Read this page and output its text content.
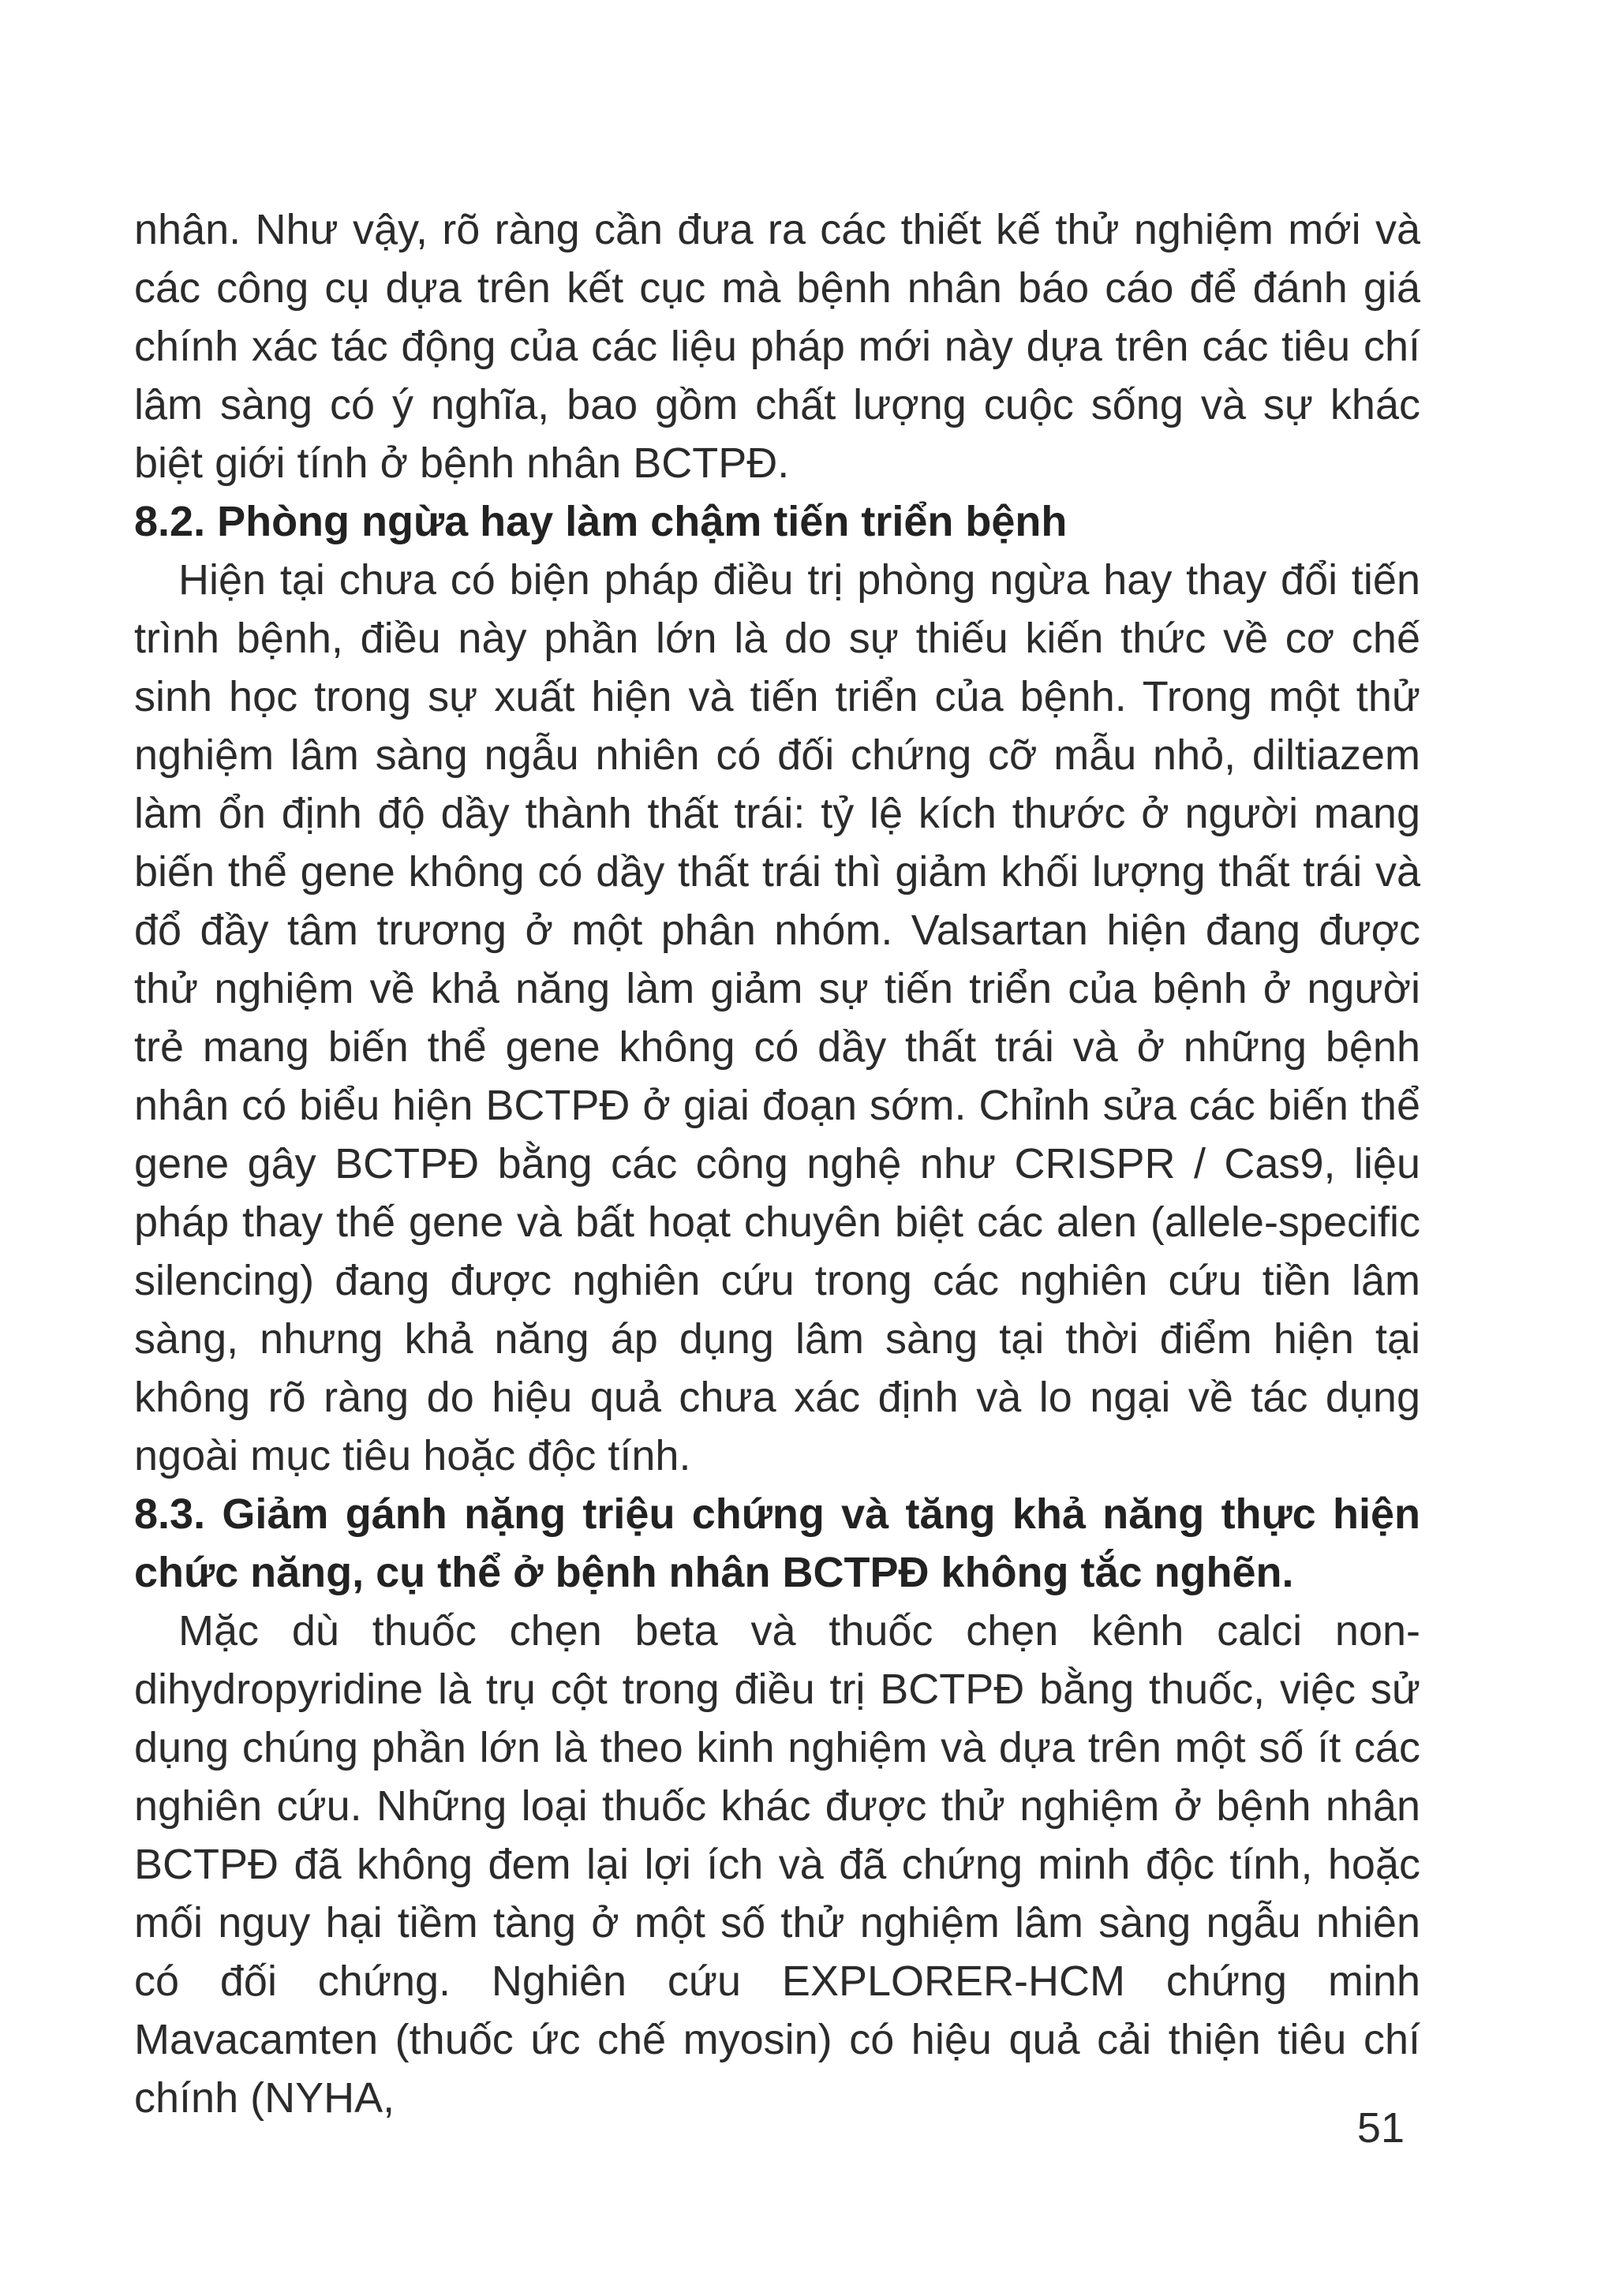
nhân. Như vậy, rõ ràng cần đưa ra các thiết kế thử nghiệm mới và các công cụ dựa trên kết cục mà bệnh nhân báo cáo để đánh giá chính xác tác động của các liệu pháp mới này dựa trên các tiêu chí lâm sàng có ý nghĩa, bao gồm chất lượng cuộc sống và sự khác biệt giới tính ở bệnh nhân BCTPĐ.

8.2. Phòng ngừa hay làm chậm tiến triển bệnh

Hiện tại chưa có biện pháp điều trị phòng ngừa hay thay đổi tiến trình bệnh, điều này phần lớn là do sự thiếu kiến thức về cơ chế sinh học trong sự xuất hiện và tiến triển của bệnh. Trong một thử nghiệm lâm sàng ngẫu nhiên có đối chứng cỡ mẫu nhỏ, diltiazem làm ổn định độ dầy thành thất trái: tỷ lệ kích thước ở người mang biến thể gene không có dầy thất trái thì giảm khối lượng thất trái và đổ đầy tâm trương ở một phân nhóm. Valsartan hiện đang được thử nghiệm về khả năng làm giảm sự tiến triển của bệnh ở người trẻ mang biến thể gene không có dầy thất trái và ở những bệnh nhân có biểu hiện BCTPĐ ở giai đoạn sớm. Chỉnh sửa các biến thể gene gây BCTPĐ bằng các công nghệ như CRISPR / Cas9, liệu pháp thay thế gene và bất hoạt chuyên biệt các alen (allele-specific silencing) đang được nghiên cứu trong các nghiên cứu tiền lâm sàng, nhưng khả năng áp dụng lâm sàng tại thời điểm hiện tại không rõ ràng do hiệu quả chưa xác định và lo ngại về tác dụng ngoài mục tiêu hoặc độc tính.

8.3. Giảm gánh nặng triệu chứng và tăng khả năng thực hiện chức năng, cụ thể ở bệnh nhân BCTPĐ không tắc nghẽn.

Mặc dù thuốc chẹn beta và thuốc chẹn kênh calci non-dihydropyridine là trụ cột trong điều trị BCTPĐ bằng thuốc, việc sử dụng chúng phần lớn là theo kinh nghiệm và dựa trên một số ít các nghiên cứu. Những loại thuốc khác được thử nghiệm ở bệnh nhân BCTPĐ đã không đem lại lợi ích và đã chứng minh độc tính, hoặc mối nguy hại tiềm tàng ở một số thử nghiệm lâm sàng ngẫu nhiên có đối chứng. Nghiên cứu EXPLORER-HCM chứng minh Mavacamten (thuốc ức chế myosin) có hiệu quả cải thiện tiêu chí chính (NYHA,

51
